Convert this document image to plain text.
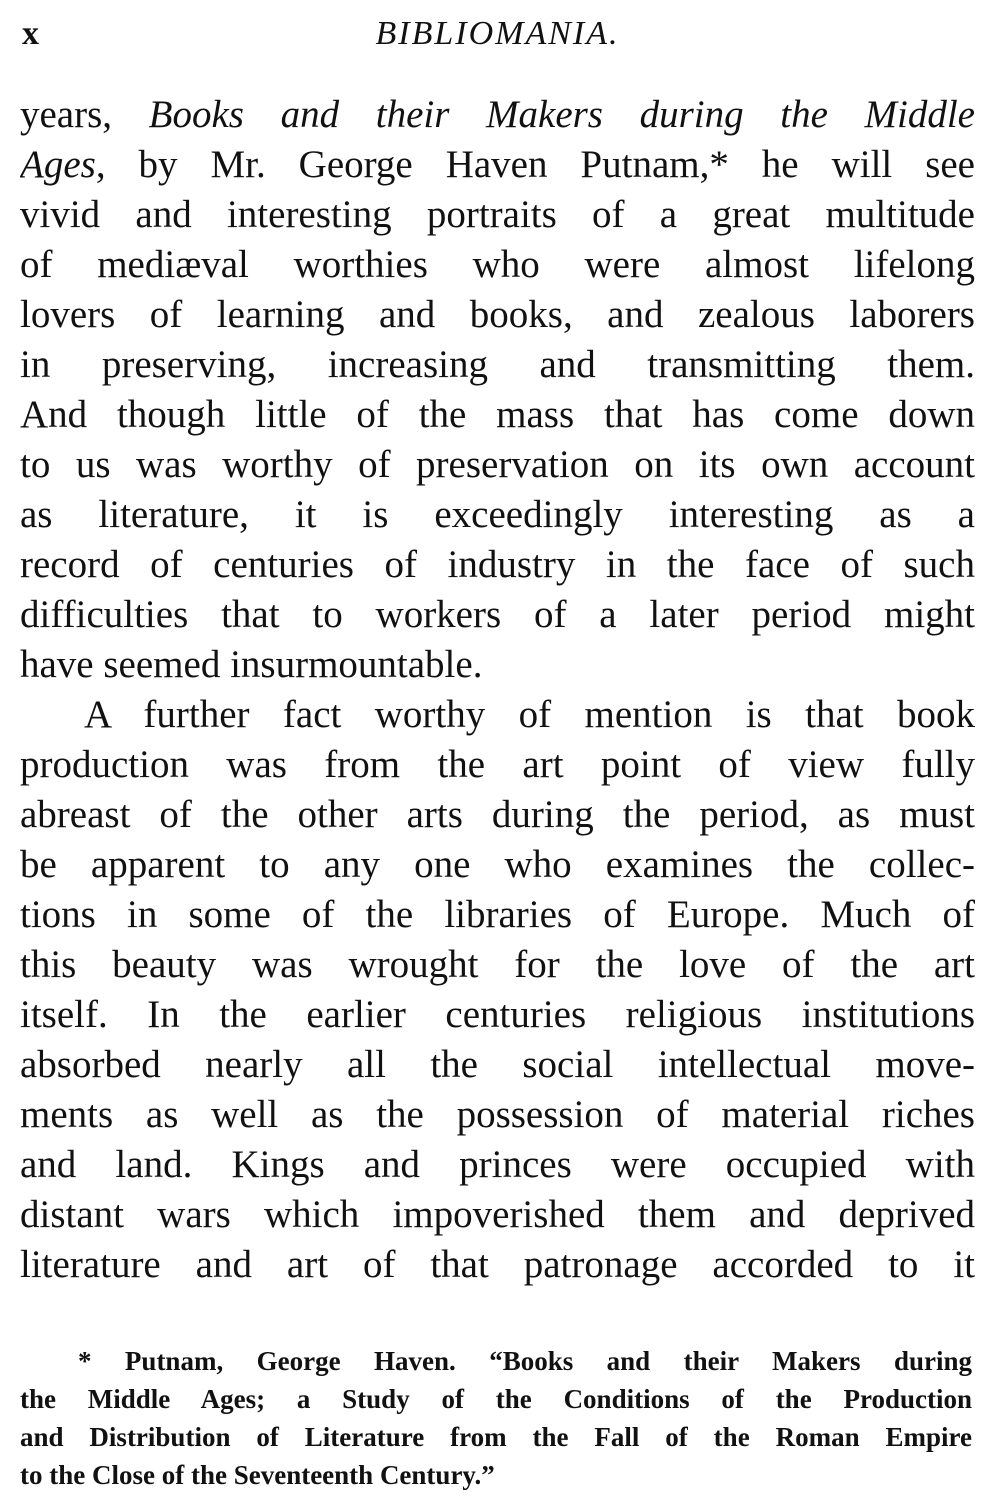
x	BIBLIOMANIA.
years, Books and their Makers during the Middle
Ages, by Mr. George Haven Putnam,* he will see
vivid and interesting portraits of a great multitude
of mediæval worthies who were almost lifelong
lovers of learning and books, and zealous laborers
in preserving, increasing and transmitting them.
And though little of the mass that has come down
to us was worthy of preservation on its own account
as literature, it is exceedingly interesting as a
record of centuries of industry in the face of such
difficulties that to workers of a later period might
have seemed insurmountable.
A further fact worthy of mention is that book
production was from the art point of view fully
abreast of the other arts during the period, as must
be apparent to any one who examines the collec-
tions in some of the libraries of Europe. Much of
this beauty was wrought for the love of the art
itself. In the earlier centuries religious institutions
absorbed nearly all the social intellectual move-
ments as well as the possession of material riches
and land. Kings and princes were occupied with
distant wars which impoverished them and deprived
literature and art of that patronage accorded to it
* Putnam, George Haven. “Books and their Makers during
the Middle Ages; a Study of the Conditions of the Production
and Distribution of Literature from the Fall of the Roman Empire
to the Close of the Seventeenth Century.”
